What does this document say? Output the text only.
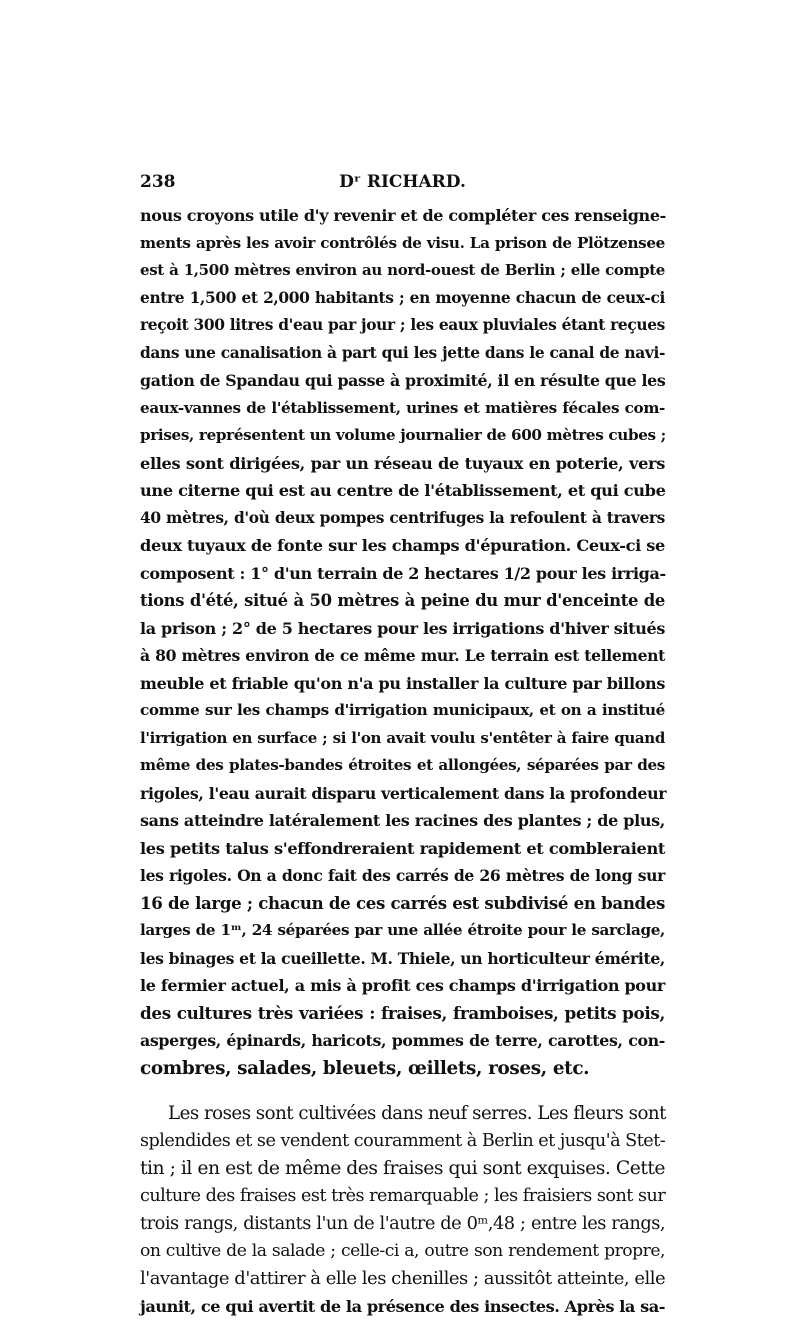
238	Dʳ RICHARD.
nous croyons utile d'y revenir et de compléter ces renseigne-
ments après les avoir contrôlés de visu. La prison de Plötzensee
est à 1,500 mètres environ au nord-ouest de Berlin ; elle compte
entre 1,500 et 2,000 habitants ; en moyenne chacun de ceux-ci
reçoit 300 litres d'eau par jour ; les eaux pluviales étant reçues
dans une canalisation à part qui les jette dans le canal de navi-
gation de Spandau qui passe à proximité, il en résulte que les
eaux-vannes de l'établissement, urines et matières fécales com-
prises, représentent un volume journalier de 600 mètres cubes ;
elles sont dirigées, par un réseau de tuyaux en poterie, vers
une citerne qui est au centre de l'établissement, et qui cube
40 mètres, d'où deux pompes centrifuges la refoulent à travers
deux tuyaux de fonte sur les champs d'épuration. Ceux-ci se
composent : 1° d'un terrain de 2 hectares 1/2 pour les irriga-
tions d'été, situé à 50 mètres à peine du mur d'enceinte de
la prison ; 2° de 5 hectares pour les irrigations d'hiver situés
à 80 mètres environ de ce même mur. Le terrain est tellement
meuble et friable qu'on n'a pu installer la culture par billons
comme sur les champs d'irrigation municipaux, et on a institué
l'irrigation en surface ; si l'on avait voulu s'entêter à faire quand
même des plates-bandes étroites et allongées, séparées par des
rigoles, l'eau aurait disparu verticalement dans la profondeur
sans atteindre latéralement les racines des plantes ; de plus,
les petits talus s'effondreraient rapidement et combleraient
les rigoles. On a donc fait des carrés de 26 mètres de long sur
16 de large ; chacun de ces carrés est subdivisé en bandes
larges de 1ᵐ, 24 séparées par une allée étroite pour le sarclage,
les binages et la cueillette. M. Thiele, un horticulteur émérite,
le fermier actuel, a mis à profit ces champs d'irrigation pour
des cultures très variées : fraises, framboises, petits pois,
asperges, épinards, haricots, pommes de terre, carottes, con-
combres, salades, bleuets, œillets, roses, etc.
Les roses sont cultivées dans neuf serres. Les fleurs sont
splendides et se vendent couramment à Berlin et jusqu'à Stet-
tin ; il en est de même des fraises qui sont exquises. Cette
culture des fraises est très remarquable ; les fraisiers sont sur
trois rangs, distants l'un de l'autre de 0ᵐ,48 ; entre les rangs,
on cultive de la salade ; celle-ci a, outre son rendement propre,
l'avantage d'attirer à elle les chenilles ; aussitôt atteinte, elle
jaunit, ce qui avertit de la présence des insectes. Après la sa-
